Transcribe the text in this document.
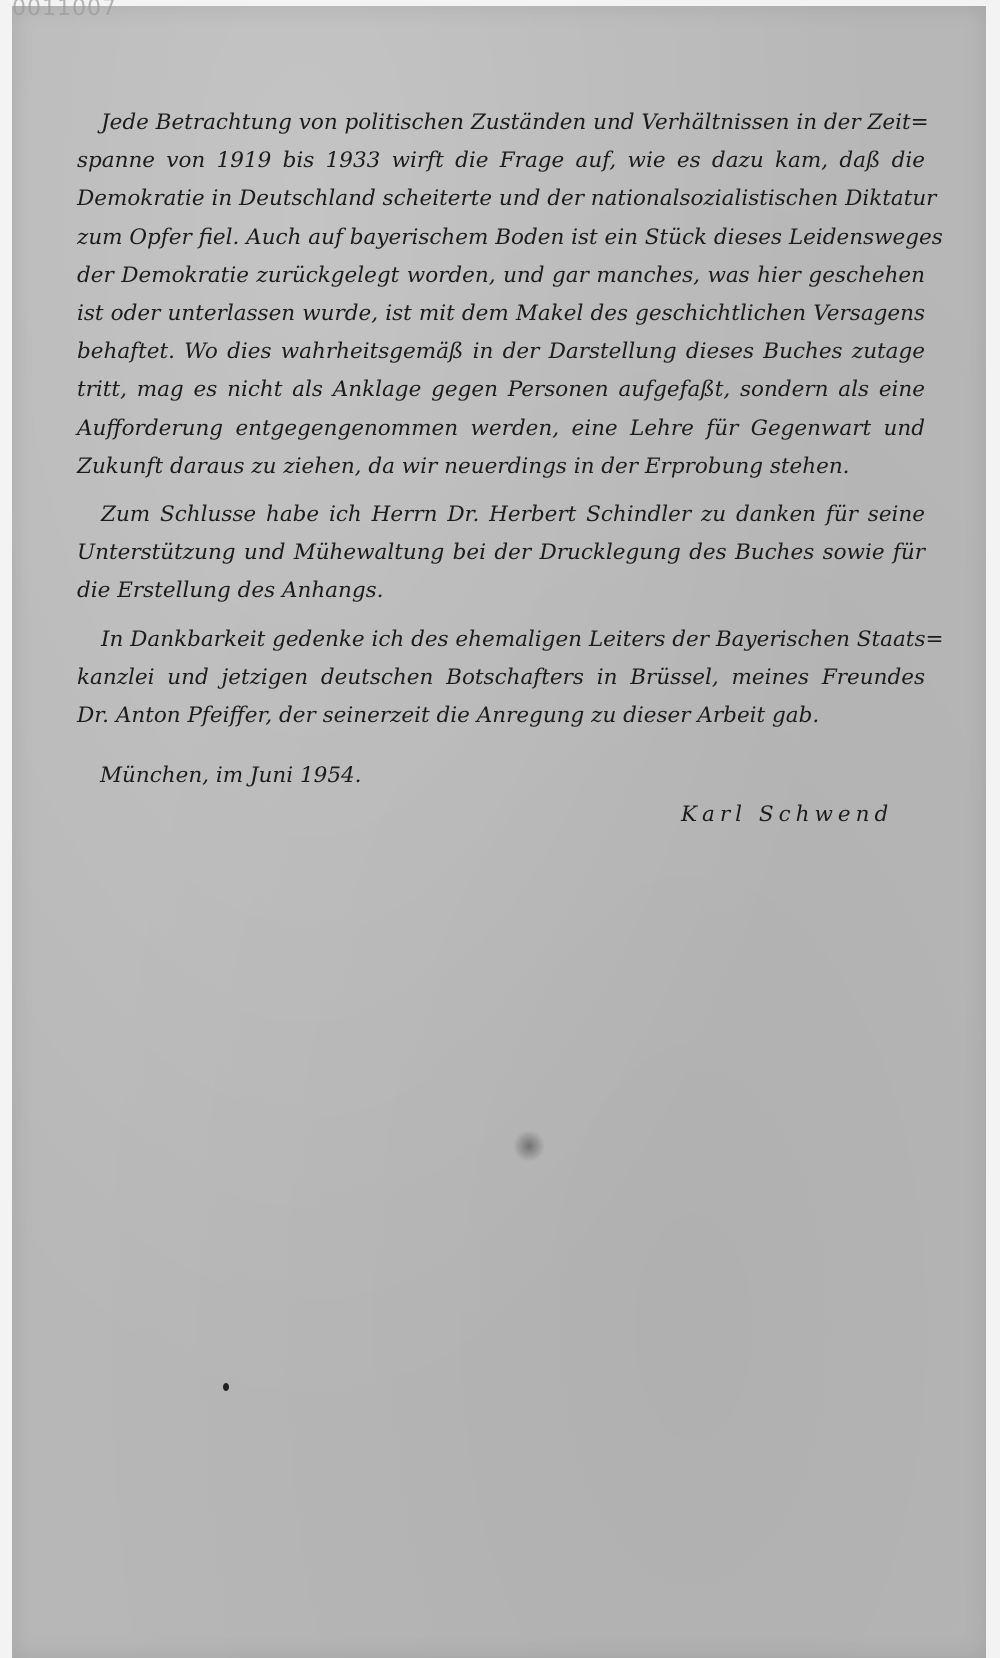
0011007
Jede Betrachtung von politischen Zuständen und Verhältnissen in der Zeit=
spanne von 1919 bis 1933 wirft die Frage auf, wie es dazu kam, daß die
Demokratie in Deutschland scheiterte und der nationalsozialistischen Diktatur
zum Opfer fiel. Auch auf bayerischem Boden ist ein Stück dieses Leidensweges
der Demokratie zurückgelegt worden, und gar manches, was hier geschehen
ist oder unterlassen wurde, ist mit dem Makel des geschichtlichen Versagens
behaftet. Wo dies wahrheitsgemäß in der Darstellung dieses Buches zutage
tritt, mag es nicht als Anklage gegen Personen aufgefaßt, sondern als eine
Aufforderung entgegengenommen werden, eine Lehre für Gegenwart und
Zukunft daraus zu ziehen, da wir neuerdings in der Erprobung stehen.
Zum Schlusse habe ich Herrn Dr. Herbert Schindler zu danken für seine
Unterstützung und Mühewaltung bei der Drucklegung des Buches sowie für
die Erstellung des Anhangs.
In Dankbarkeit gedenke ich des ehemaligen Leiters der Bayerischen Staats=
kanzlei und jetzigen deutschen Botschafters in Brüssel, meines Freundes
Dr. Anton Pfeiffer, der seinerzeit die Anregung zu dieser Arbeit gab.
München, im Juni 1954.
Karl Schwend
